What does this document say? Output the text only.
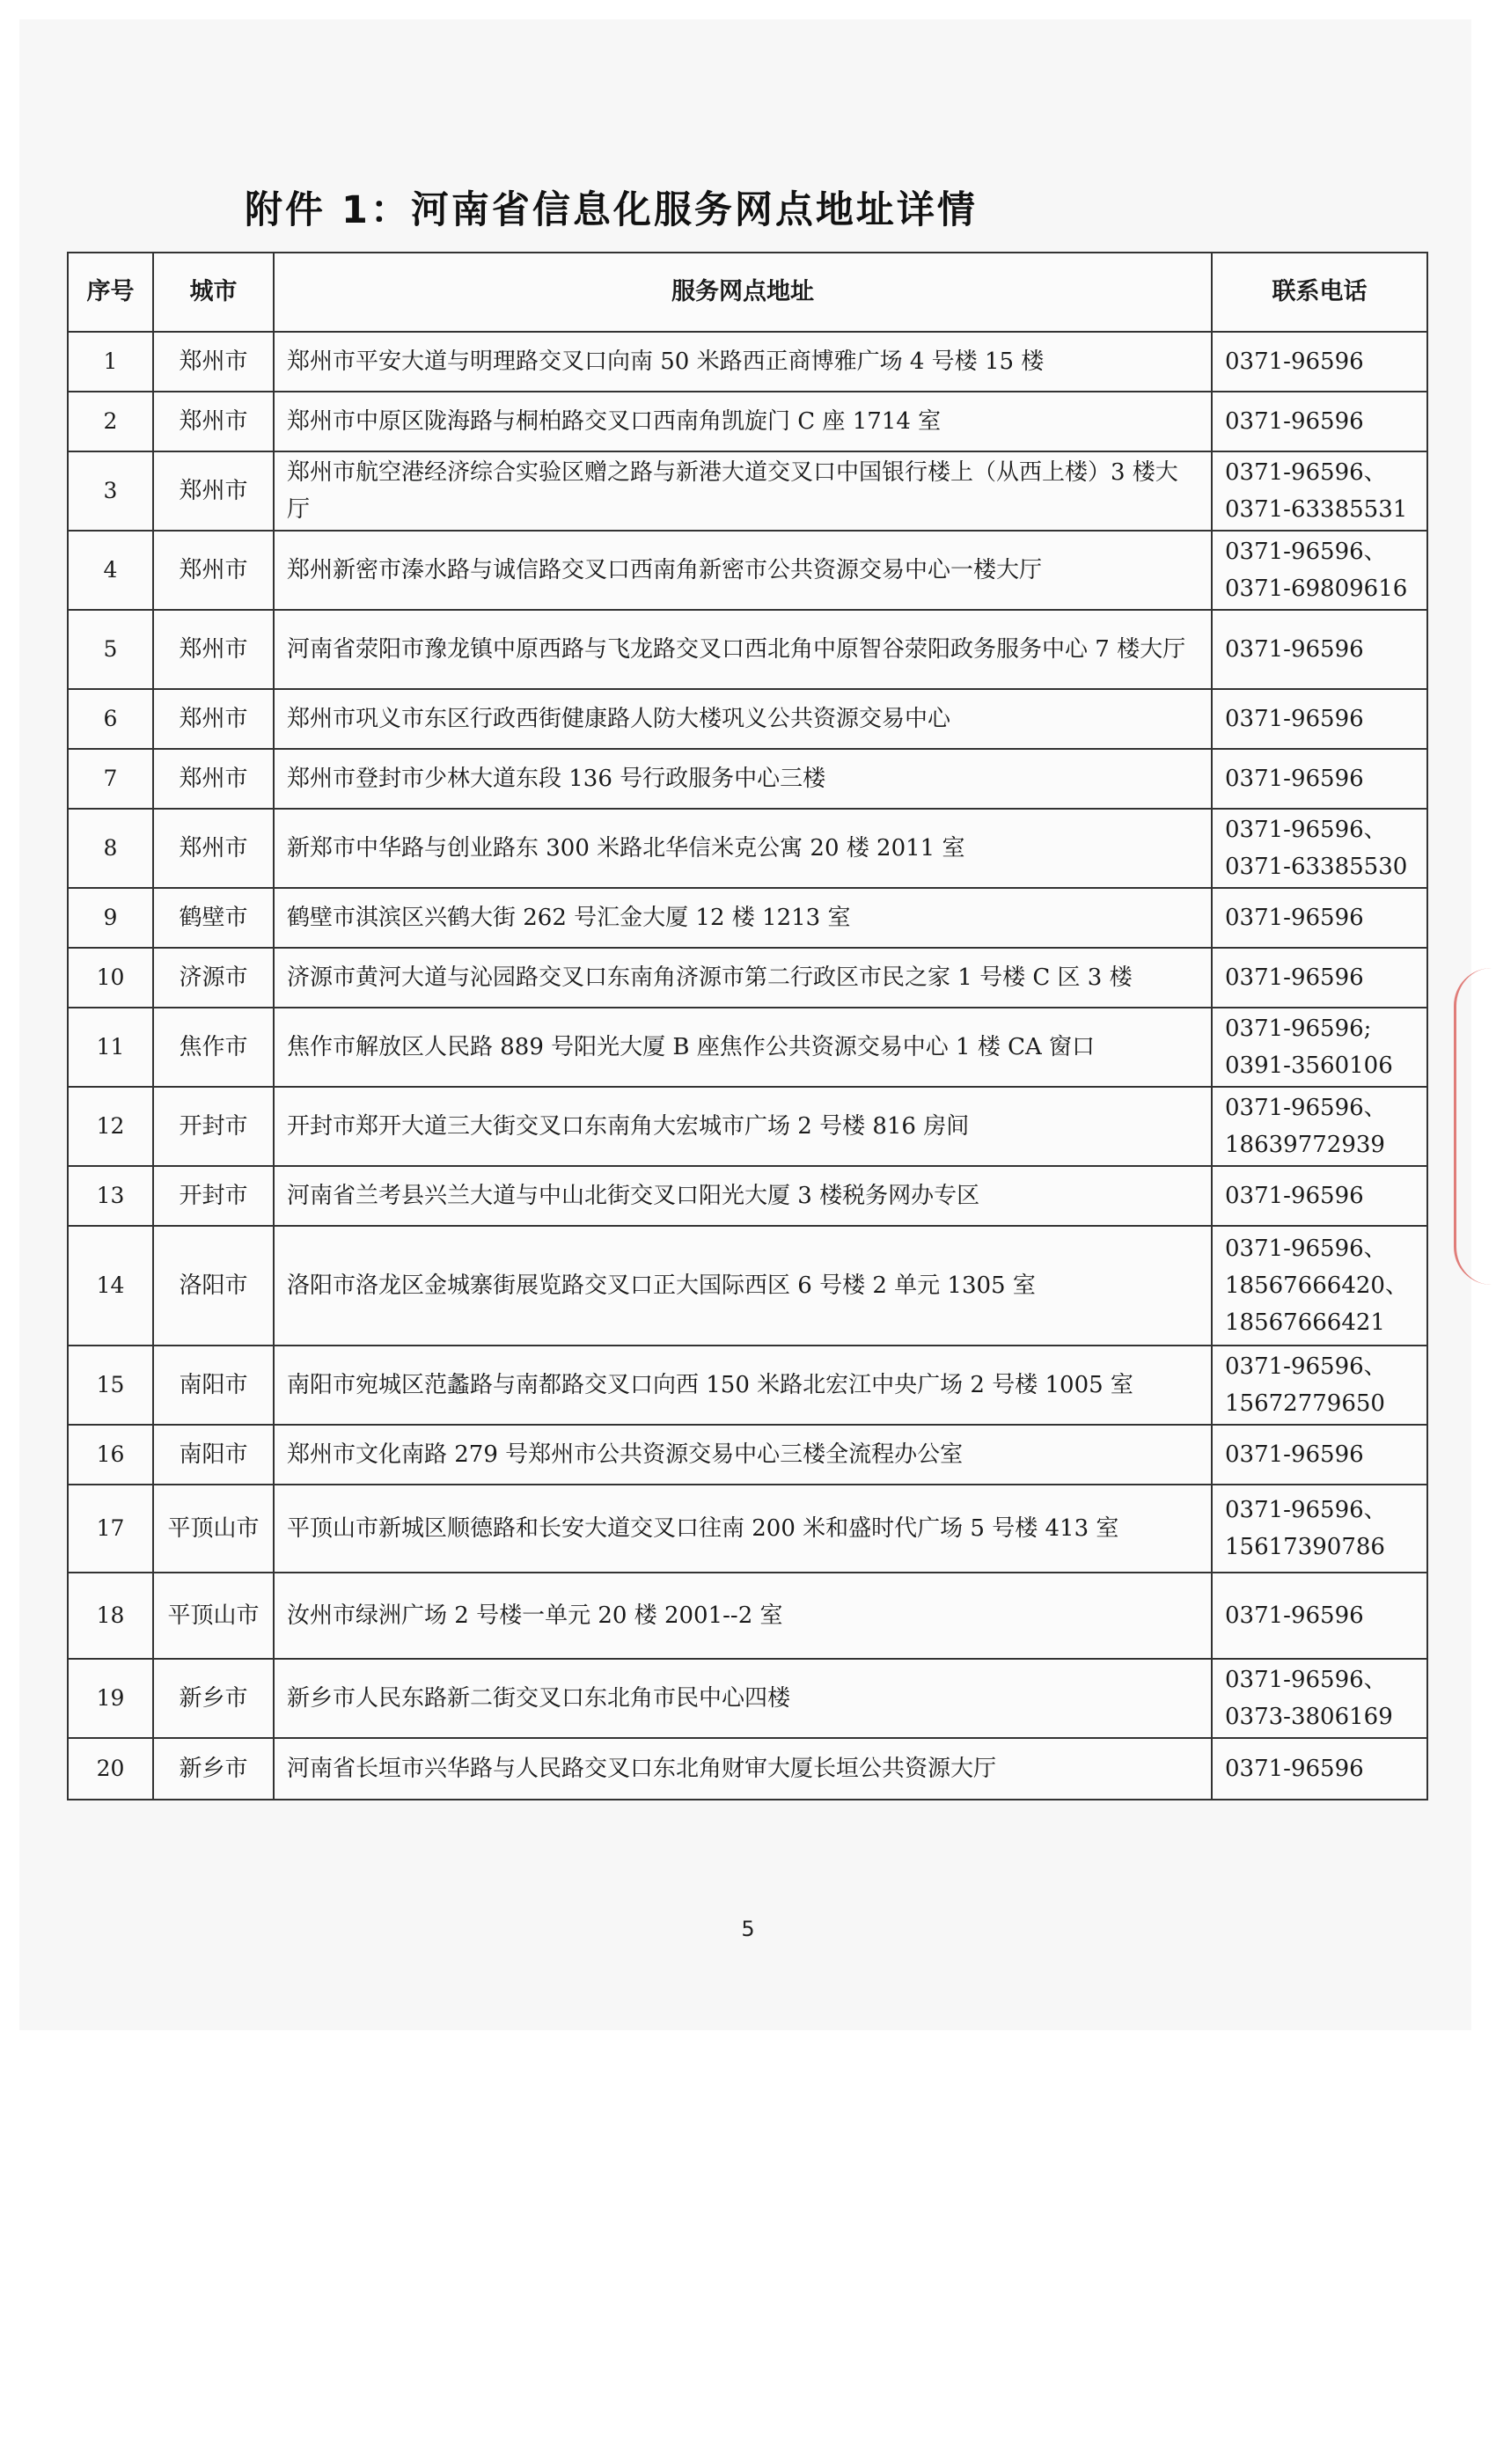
附件 1：河南省信息化服务网点地址详情
序号	城市	服务网点地址	联系电话
1	郑州市	郑州市平安大道与明理路交叉口向南 50 米路西正商博雅广场 4 号楼 15 楼	0371-96596
2	郑州市	郑州市中原区陇海路与桐柏路交叉口西南角凯旋门 C 座 1714 室	0371-96596
3	郑州市	郑州市航空港经济综合实验区赠之路与新港大道交叉口中国银行楼上（从西上楼）3 楼大厅	0371-96596、
0371-63385531
4	郑州市	郑州新密市溱水路与诚信路交叉口西南角新密市公共资源交易中心一楼大厅	0371-96596、
0371-69809616
5	郑州市	河南省荥阳市豫龙镇中原西路与飞龙路交叉口西北角中原智谷荥阳政务服务中心 7 楼大厅	0371-96596
6	郑州市	郑州市巩义市东区行政西街健康路人防大楼巩义公共资源交易中心	0371-96596
7	郑州市	郑州市登封市少林大道东段 136 号行政服务中心三楼	0371-96596
8	郑州市	新郑市中华路与创业路东 300 米路北华信米克公寓 20 楼 2011 室	0371-96596、
0371-63385530
9	鹤壁市	鹤壁市淇滨区兴鹤大街 262 号汇金大厦 12 楼 1213 室	0371-96596
10	济源市	济源市黄河大道与沁园路交叉口东南角济源市第二行政区市民之家 1 号楼 C 区 3 楼	0371-96596
11	焦作市	焦作市解放区人民路 889 号阳光大厦 B 座焦作公共资源交易中心 1 楼 CA 窗口	0371-96596;
0391-3560106
12	开封市	开封市郑开大道三大街交叉口东南角大宏城市广场 2 号楼 816 房间	0371-96596、
18639772939
13	开封市	河南省兰考县兴兰大道与中山北街交叉口阳光大厦 3 楼税务网办专区	0371-96596
14	洛阳市	洛阳市洛龙区金城寨街展览路交叉口正大国际西区 6 号楼 2 单元 1305 室	0371-96596、
18567666420、
18567666421
15	南阳市	南阳市宛城区范蠡路与南都路交叉口向西 150 米路北宏江中央广场 2 号楼 1005 室	0371-96596、
15672779650
16	南阳市	郑州市文化南路 279 号郑州市公共资源交易中心三楼全流程办公室	0371-96596
17	平顶山市	平顶山市新城区顺德路和长安大道交叉口往南 200 米和盛时代广场 5 号楼 413 室	0371-96596、
15617390786
18	平顶山市	汝州市绿洲广场 2 号楼一单元 20 楼 2001--2 室	0371-96596
19	新乡市	新乡市人民东路新二街交叉口东北角市民中心四楼	0371-96596、
0373-3806169
20	新乡市	河南省长垣市兴华路与人民路交叉口东北角财审大厦长垣公共资源大厅	0371-96596
5
